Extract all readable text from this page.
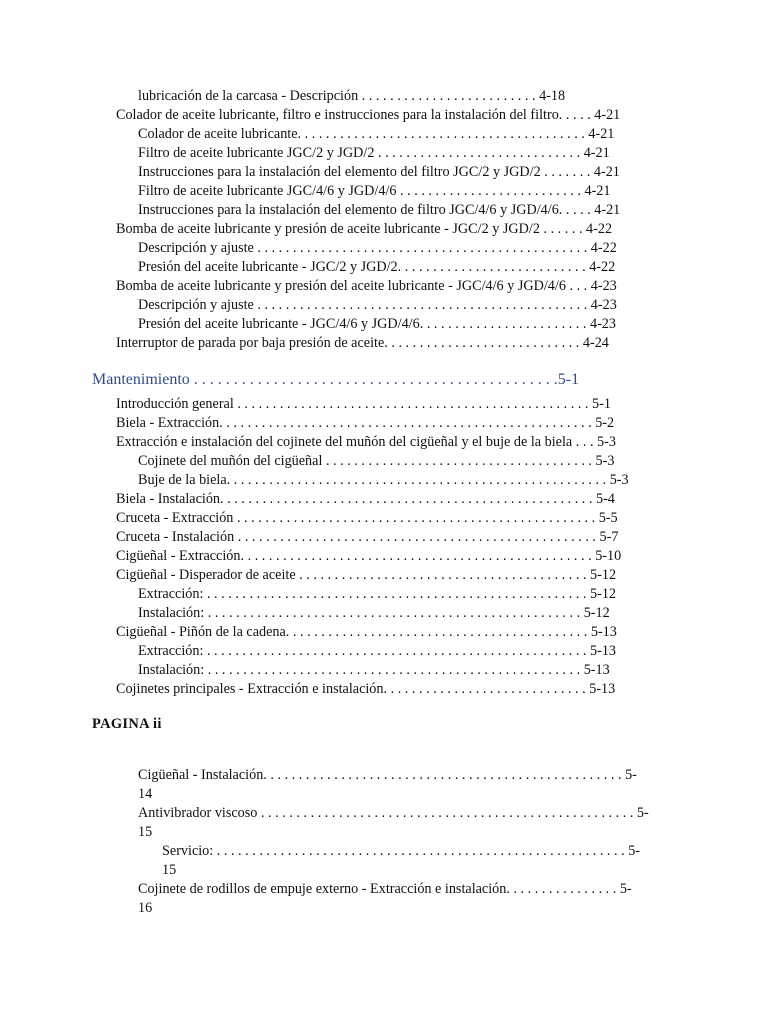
lubricación de la carcasa - Descripción . . . . . . . . . . . . . . . . . . . . . . . . . 4-18
Colador de aceite lubricante, filtro e instrucciones para la instalación del filtro. . . . . 4-21
Colador de aceite lubricante. . . . . . . . . . . . . . . . . . . . . . . . . . . . . . . . . . . . . . . . . 4-21
Filtro de aceite lubricante JGC/2 y JGD/2 . . . . . . . . . . . . . . . . . . . . . . . . . . . . . 4-21
Instrucciones para la instalación del elemento del filtro JGC/2 y JGD/2 . . . . . . . 4-21
Filtro de aceite lubricante JGC/4/6 y JGD/4/6 . . . . . . . . . . . . . . . . . . . . . . . . . . 4-21
Instrucciones para la instalación del elemento de filtro JGC/4/6 y JGD/4/6. . . . . 4-21
Bomba de aceite lubricante y presión de aceite lubricante - JGC/2 y JGD/2 . . . . . . 4-22
Descripción y ajuste . . . . . . . . . . . . . . . . . . . . . . . . . . . . . . . . . . . . . . . . . . . . . . . 4-22
Presión del aceite lubricante - JGC/2 y JGD/2. . . . . . . . . . . . . . . . . . . . . . . . . . . 4-22
Bomba de aceite lubricante y presión del aceite lubricante - JGC/4/6 y JGD/4/6 . . . 4-23
Descripción y ajuste . . . . . . . . . . . . . . . . . . . . . . . . . . . . . . . . . . . . . . . . . . . . . . . 4-23
Presión del aceite lubricante - JGC/4/6 y JGD/4/6. . . . . . . . . . . . . . . . . . . . . . . . 4-23
Interruptor de parada por baja presión de aceite. . . . . . . . . . . . . . . . . . . . . . . . . . . . 4-24
Mantenimiento . . . . . . . . . . . . . . . . . . . . . . . . . . . . . . . . . . . . . . . . . . . . . .5-1
Introducción general . . . . . . . . . . . . . . . . . . . . . . . . . . . . . . . . . . . . . . . . . . . . . . . . . . 5-1
Biela - Extracción. . . . . . . . . . . . . . . . . . . . . . . . . . . . . . . . . . . . . . . . . . . . . . . . . . . . . 5-2
Extracción e instalación del cojinete del muñón del cigüeñal y el buje de la biela . . . 5-3
Cojinete del muñón del cigüeñal . . . . . . . . . . . . . . . . . . . . . . . . . . . . . . . . . . . . . . 5-3
Buje de la biela. . . . . . . . . . . . . . . . . . . . . . . . . . . . . . . . . . . . . . . . . . . . . . . . . . . . . . 5-3
Biela - Instalación. . . . . . . . . . . . . . . . . . . . . . . . . . . . . . . . . . . . . . . . . . . . . . . . . . . . . 5-4
Cruceta - Extracción . . . . . . . . . . . . . . . . . . . . . . . . . . . . . . . . . . . . . . . . . . . . . . . . . . . 5-5
Cruceta - Instalación . . . . . . . . . . . . . . . . . . . . . . . . . . . . . . . . . . . . . . . . . . . . . . . . . . . 5-7
Cigüeñal - Extracción. . . . . . . . . . . . . . . . . . . . . . . . . . . . . . . . . . . . . . . . . . . . . . . . . . 5-10
Cigüeñal - Disperador de aceite . . . . . . . . . . . . . . . . . . . . . . . . . . . . . . . . . . . . . . . . . 5-12
Extracción: . . . . . . . . . . . . . . . . . . . . . . . . . . . . . . . . . . . . . . . . . . . . . . . . . . . . . . 5-12
Instalación: . . . . . . . . . . . . . . . . . . . . . . . . . . . . . . . . . . . . . . . . . . . . . . . . . . . . . 5-12
Cigüeñal - Piñón de la cadena. . . . . . . . . . . . . . . . . . . . . . . . . . . . . . . . . . . . . . . . . . . 5-13
Extracción: . . . . . . . . . . . . . . . . . . . . . . . . . . . . . . . . . . . . . . . . . . . . . . . . . . . . . . 5-13
Instalación: . . . . . . . . . . . . . . . . . . . . . . . . . . . . . . . . . . . . . . . . . . . . . . . . . . . . . 5-13
Cojinetes principales - Extracción e instalación. . . . . . . . . . . . . . . . . . . . . . . . . . . . . 5-13
PAGINA ii
Cigüeñal - Instalación. . . . . . . . . . . . . . . . . . . . . . . . . . . . . . . . . . . . . . . . . . . . . . . . . . . 5-
14
Antivibrador viscoso . . . . . . . . . . . . . . . . . . . . . . . . . . . . . . . . . . . . . . . . . . . . . . . . . . . . . 5-
15
Servicio: . . . . . . . . . . . . . . . . . . . . . . . . . . . . . . . . . . . . . . . . . . . . . . . . . . . . . . . . . . 5-
15
Cojinete de rodillos de empuje externo - Extracción e instalación. . . . . . . . . . . . . . . . 5-
16
